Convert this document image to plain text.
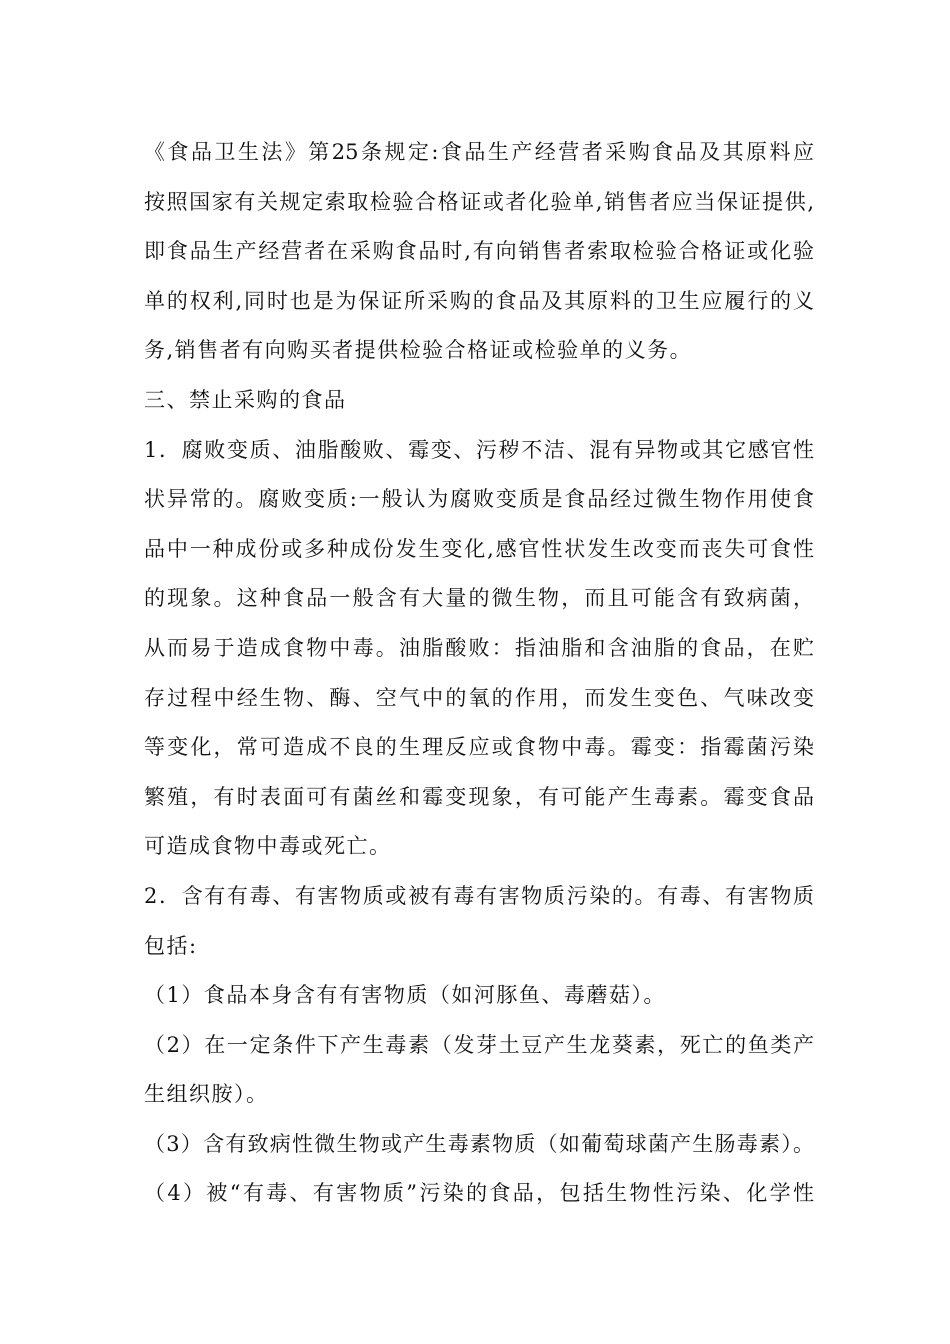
《食品卫生法》第25条规定:食品生产经营者采购食品及其原料应
按照国家有关规定索取检验合格证或者化验单,销售者应当保证提供,
即食品生产经营者在采购食品时,有向销售者索取检验合格证或化验
单的权利,同时也是为保证所采购的食品及其原料的卫生应履行的义
务,销售者有向购买者提供检验合格证或检验单的义务。
三、禁止采购的食品
1．腐败变质、油脂酸败、霉变、污秽不洁、混有异物或其它感官性
状异常的。腐败变质:一般认为腐败变质是食品经过微生物作用使食
品中一种成份或多种成份发生变化,感官性状发生改变而丧失可食性
的现象。这种食品一般含有大量的微生物，而且可能含有致病菌，
从而易于造成食物中毒。油脂酸败：指油脂和含油脂的食品，在贮
存过程中经生物、酶、空气中的氧的作用，而发生变色、气味改变
等变化，常可造成不良的生理反应或食物中毒。霉变：指霉菌污染
繁殖，有时表面可有菌丝和霉变现象，有可能产生毒素。霉变食品
可造成食物中毒或死亡。
2．含有有毒、有害物质或被有毒有害物质污染的。有毒、有害物质
包括:
（1）食品本身含有有害物质（如河豚鱼、毒蘑菇）。
（2）在一定条件下产生毒素（发芽土豆产生龙葵素，死亡的鱼类产
生组织胺）。
（3）含有致病性微生物或产生毒素物质（如葡萄球菌产生肠毒素）。
（4）被“有毒、有害物质”污染的食品，包括生物性污染、化学性
